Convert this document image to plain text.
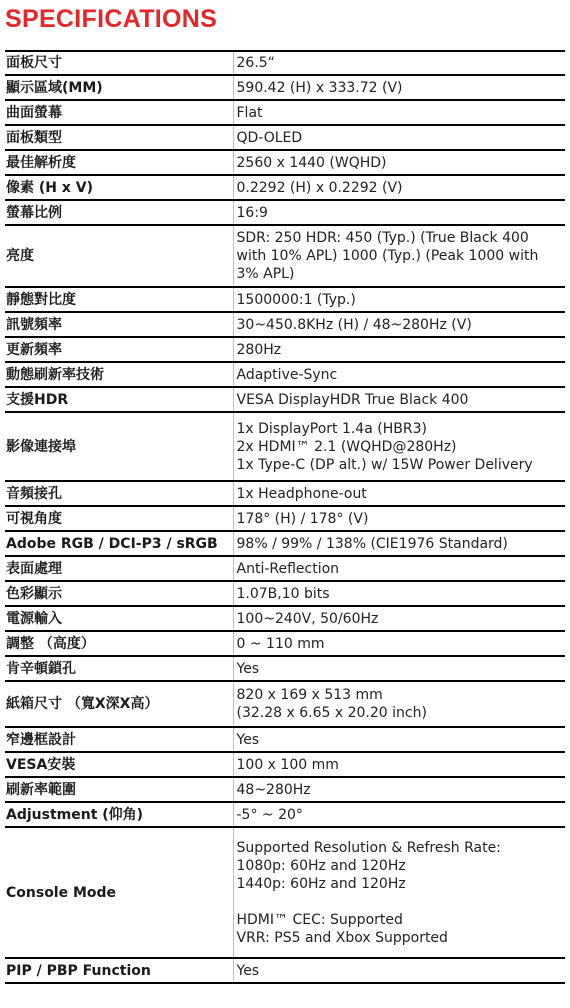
SPECIFICATIONS
面板尺寸	26.5“

顯示區域(MM)	590.42 (H) x 333.72 (V)

曲面螢幕	Flat

面板類型	QD-OLED

最佳解析度	2560 x 1440 (WQHD)

像素 (H x V)	0.2292 (H) x 0.2292 (V)

螢幕比例	16:9

亮度	SDR: 250 HDR: 450 (Typ.) (True Black 400
with 10% APL) 1000 (Typ.) (Peak 1000 with
3% APL)

靜態對比度	1500000:1 (Typ.)

訊號頻率	30~450.8KHz (H) / 48~280Hz (V)

更新頻率	280Hz

動態刷新率技術	Adaptive-Sync

支援HDR	VESA DisplayHDR True Black 400

影像連接埠	1x DisplayPort 1.4a (HBR3)
2x HDMI™ 2.1 (WQHD@280Hz)
1x Type-C (DP alt.) w/ 15W Power Delivery

音頻接孔	1x Headphone-out

可視角度	178° (H) / 178° (V)

Adobe RGB / DCI-P3 / sRGB	98% / 99% / 138% (CIE1976 Standard)

表面處理	Anti-Reflection

色彩顯示	1.07B,10 bits

電源輸入	100~240V, 50/60Hz

調整 （高度）	0 ~ 110 mm

肯辛頓鎖孔	Yes

紙箱尺寸 （寬X深X高）	820 x 169 x 513 mm
(32.28 x 6.65 x 20.20 inch)

窄邊框設計	Yes

VESA安裝	100 x 100 mm

刷新率範圍	48~280Hz

Adjustment (仰角)	-5° ~ 20°

Console Mode	Supported Resolution & Refresh Rate:
1080p: 60Hz and 120Hz
1440p: 60Hz and 120Hz
HDMI™ CEC: Supported
VRR: PS5 and Xbox Supported

PIP / PBP Function	Yes
